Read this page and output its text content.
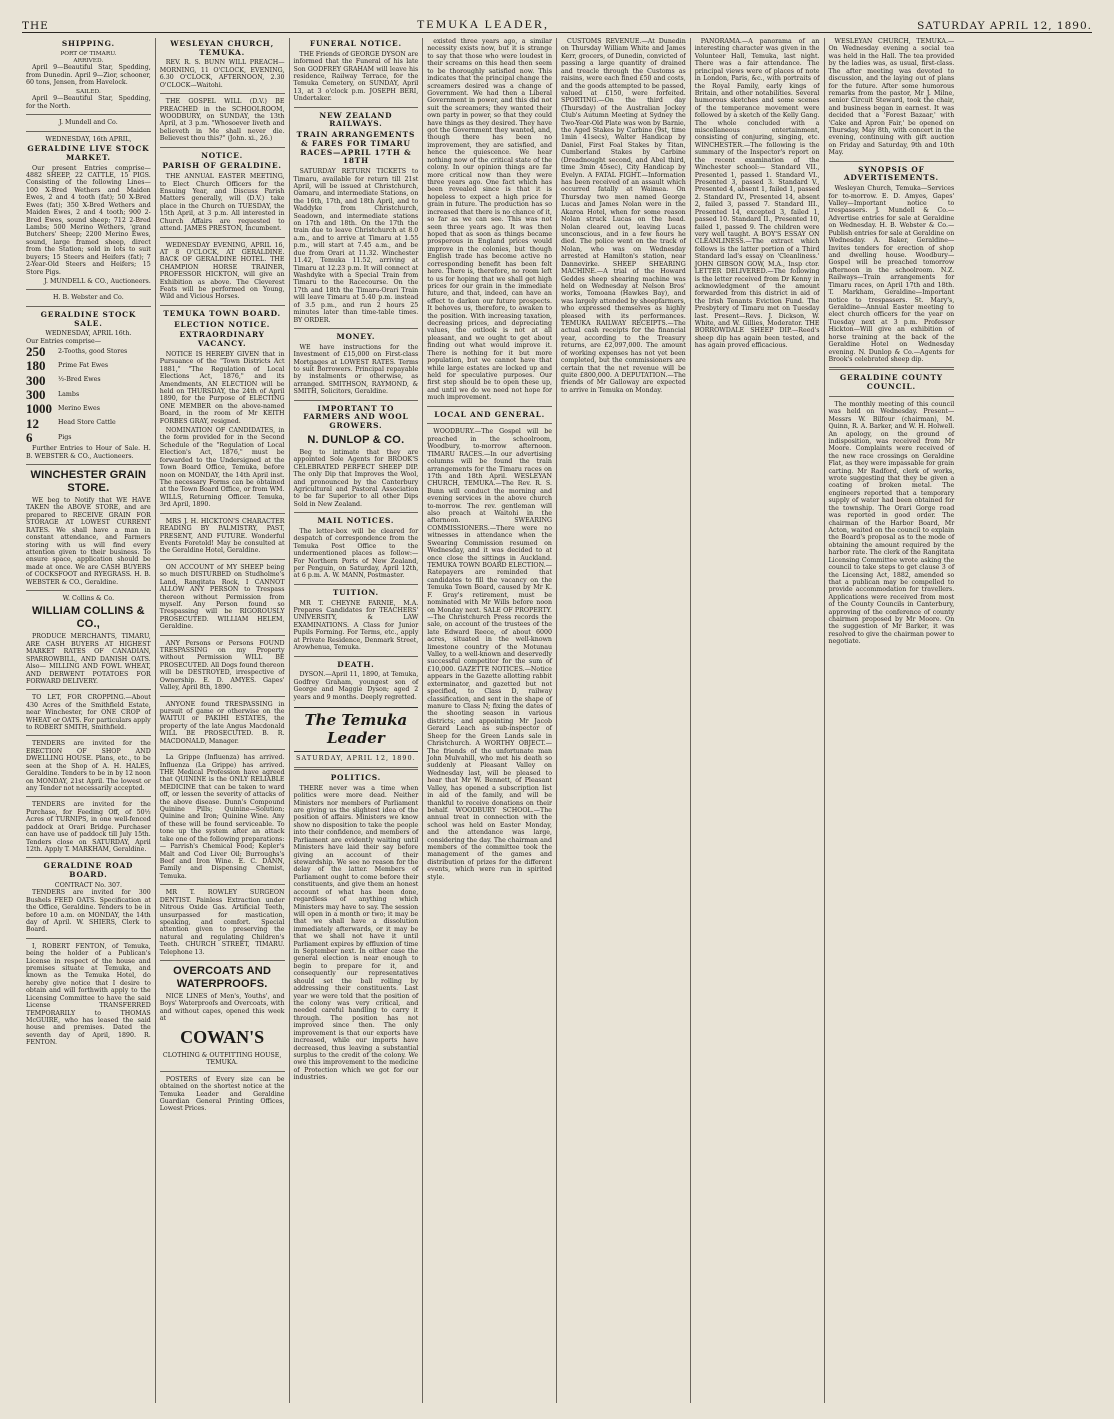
THE	TEMUKA LEADER,	SATURDAY APRIL 12, 1890.
SHIPPING.
PORT OF TIMARU.
ARRIVED.

April 9—Beautiful Star, Spedding, from Dunedin. April 9—Zior, schooner, 60 tons, Jensen, from Havelock.

SAILED.

April 9—Beautiful Star, Spedding, for the North.

J. Mundell and Co.
WEDNESDAY, 16th APRIL,
GERALDINE LIVE STOCK MARKET.

Our present Entries comprise— 4882 SHEEP, 22 CATTLE, 15 PIGS. Consisting of the following Lines— 100 X-Bred Wethers and Maiden Ewes, 2 and 4 tooth (fat); 50 X-Bred Ewes (fat); 350 X-Bred Wethers and Maiden Ewes, 2 and 4 tooth; 900 2-Bred Ewes, sound sheep; 712 2-Bred Lambs; 500 Merino Wethers, 'grand Butchers' Sheep; 2200 Merino Ewes, sound, large framed sheep, direct from the Station; sold in lots to suit buyers; 15 Steers and Heifers (fat); 7 2-Year-Old Steers and Heifers; 15 Store Pigs.

J. MUNDELL & CO., Auctioneers.
H. B. Webster and Co.
GERALDINE STOCK SALE.
WEDNESDAY, APRIL 16th.
Our Entries comprise—
250	2-Tooths, good Stores
180	Prime Fat Ewes
300	½-Bred Ewes
300	Lambs
1000 Merino Ewes
12	Head Store Cattle
6	Pigs

Further Entries to Hour of Sale. H. B. WEBSTER & CO., Auctioneers.

WINCHESTER GRAIN STORE.

WE beg to Notify that WE HAVE TAKEN the ABOVE STORE, and are prepared to RECEIVE GRAIN FOR STORAGE AT LOWEST CURRENT RATES. We shall have a man in constant attendance, and Farmers storing with us will find every attention given to their business. To ensure space, application should be made at once. We are CASH BUYERS of COCKSFOOT and RYEGRASS. H. B. WEBSTER & CO., Geraldine.

W. Collins & Co.
WILLIAM COLLINS & CO.,

PRODUCE MERCHANTS, TIMARU, ARE CASH BUYERS AT HIGHEST MARKET RATES OF CANADIAN, SPARROWBILL, AND DANISH OATS. Also— MILLING AND FOWL WHEAT, AND DERWENT POTATOES FOR FORWARD DELIVERY.

TO LET, FOR CROPPING.—About 430 Acres of the Smithfield Estate, near Winchester, for ONE CROP of WHEAT or OATS. For particulars apply to ROBERT SMITH, Smithfield.

TENDERS are invited for the ERECTION OF SHOP AND DWELLING HOUSE. Plans, etc., to be seen at the Shop of A. H. HALES, Geraldine. Tenders to be in by 12 noon on MONDAY, 21st April. The lowest or any Tender not necessarily accepted.

TENDERS are invited for the Purchase, for Feeding Off, of 50½ Acres of TURNIPS, in one well-fenced paddock at Orari Bridge. Purchaser can have use of paddock till July 15th. Tenders close on SATURDAY, April 12th. Apply T. MARKHAM, Geraldine.

GERALDINE ROAD BOARD.
CONTRACT No. 307.

TENDERS are invited for 300 Bushels FEED OATS. Specification at the Office, Geraldine. Tenders to be in before 10 a.m. on MONDAY, the 14th day of April. W. SHIERS, Clerk to Board.

I, ROBERT FENTON, of Temuka, being the holder of a Publican's License in respect of the house and premises situate at Temuka, and known as the Temuka Hotel, do hereby give notice that I desire to obtain and will forthwith apply to the Licensing Committee to have the said License TRANSFERRED TEMPORARILY to THOMAS McGUIRE, who has leased the said house and premises. Dated the seventh day of April, 1890. R. FENTON.

WESLEYAN CHURCH, TEMUKA.

REV. R. S. BUNN WILL PREACH— MORNING, 11 O'CLOCK, EVENING, 6.30 O'CLOCK, AFTERNOON, 2.30 O'CLOCK—Waitohi.

THE GOSPEL WILL (D.V.) BE PREACHED in the SCHOOLROOM, WOODBURY, on SUNDAY, the 13th April, at 3 p.m. "Whosoever liveth and believeth in Me shall never die. Believest thou this?" (John. xi., 26.)

NOTICE.
PARISH OF GERALDINE.

THE ANNUAL EASTER MEETING, to Elect Church Officers for the Ensuing Year, and Discuss Parish Matters generally, will (D.V.) take place in the Church on TUESDAY, the 15th April, at 3 p.m. All interested in Church Affairs are requested to attend. JAMES PRESTON, Incumbent.

WEDNESDAY EVENING, APRIL 16, AT 8 O'CLOCK, AT GERALDINE. BACK OF GERALDINE HOTEL. THE CHAMPION HORSE TRAINER, PROFESSOR HICKTON, will give an Exhibition as above. The Cleverest Feats will be performed on Young, Wild and Vicious Horses.

TEMUKA TOWN BOARD.
ELECTION NOTICE.
EXTRAORDINARY VACANCY.

NOTICE IS HEREBY GIVEN that in Pursuance of the "Town Districts Act 1881," "The Regulation of Local Elections Act, 1876," and its Amendments, AN ELECTION will be held on THURSDAY, the 24th of April 1890, for the Purpose of ELECTING ONE MEMBER on the above-named Board, in the room of Mr KEITH FORBES GRAY, resigned.

NOMINATION OF CANDIDATES, in the form provided for in the Second Schedule of the "Regulation of Local Election's Act, 1876," must be forwarded to the Undersigned at the Town Board Office, Temuka, before noon on MONDAY, the 14th April inst. The necessary Forms can be obtained at the Town Board Office, or from WM. WILLS, Returning Officer. Temuka, 3rd April, 1890.

MRS J. H. HICKTON'S CHARACTER READING BY PALMISTRY, PAST, PRESENT, AND FUTURE. Wonderful Events Foretold! May be consulted at the Geraldine Hotel, Geraldine.

ON ACCOUNT of MY SHEEP being so much DISTURBED on Studholme's Land, Rangitata Rock, I CANNOT ALLOW ANY PERSON to Trespass thereon without Permission from myself. Any Person found so Trespassing will be RIGOROUSLY PROSECUTED. WILLIAM HELEM, Geraldine.

ANY Persons or Persons FOUND TRESPASSING on my Property without Permission WILL BE PROSECUTED. All Dogs found thereon will be DESTROYED, irrespective of Ownership. E. D. AMYES. Gapes' Valley, April 8th, 1890.

ANYONE found TRESPASSING in pursuit of game or otherwise on the WAITUI or PAKIHI ESTATES, the property of the late Angus Macdonald WILL BE PROSECUTED. B. R. MACDONALD, Manager.

La Grippe (Influenza) has arrived. Influenza (La Grippe) has arrived. THE Medical Profession have agreed that QUININE is the ONLY RELIABLE MEDICINE that can be taken to ward off, or lessen the severity of attacks of the above disease. Dunn's Compound Quinine Pills; Quinine—Solution; Quinine and Iron; Quinine Wine. Any of these will be found serviceable. To tone up the system after an attack take one of the following preparations:— Parrish's Chemical Food; Kepler's Malt and Cod Liver Oil; Burroughs's Beef and Iron Wine. E. C. DANN, Family and Dispensing Chemist, Temuka.

MR T. ROWLEY SURGEON DENTIST. Painless Extraction under Nitrous Oxide Gas. Artificial Teeth, unsurpassed for mastication, speaking, and comfort. Special attention given to preserving the natural and regulating Children's Teeth. CHURCH STREET, TIMARU. Telephone 13.

OVERCOATS AND WATERPROOFS.

NICE LINES of Men's, Youths', and Boys' Waterproofs and Overcoats, with and without capes, opened this week at

COWAN'S
CLOTHING & OUTFITTING HOUSE, TEMUKA.

POSTERS of Every size can be obtained on the shortest notice at the Temuka Leader and Geraldine Guardian General Printing Offices, Lowest Prices.

FUNERAL NOTICE.

THE Friends of GEORGE DYSON are informed that the Funeral of his late Son GODFREY GRAHAM will leave his residence, Railway Terrace, for the Temuka Cemetery, on SUNDAY, April 13, at 3 o'clock p.m. JOSEPH BERI, Undertaker.

NEW ZEALAND RAILWAYS.
TRAIN ARRANGEMENTS & FARES FOR TIMARU RACES—APRIL 17TH & 18TH

SATURDAY RETURN TICKETS to Timaru, available for return till 21st April, will be issued at Christchurch, Oamaru, and intermediate Stations, on the 16th, 17th, and 18th April, and to Waddyke from Christchurch, Seadown, and intermediate stations on 17th and 18th. On the 17th the train due to leave Christchurch at 8.0 a.m., and to arrive at Timaru at 1.55 p.m., will start at 7.45 a.m., and be due from Orari at 11.32. Winchester 11.42, Temuka 11.52, arriving at Timaru at 12.23 p.m. It will connect at Washdyke with a Special Train from Timaru to the Racecourse. On the 17th and 18th the Timaru-Orari Train will leave Timaru at 5.40 p.m. instead of 3.5 p.m., and run 2 hours 25 minutes later than time-table times. BY ORDER.

MONEY.

WE have instructions for the Investment of £15,000 on First-class Mortgages at LOWEST RATES. Terms to suit Borrowers. Principal repayable by instalments or otherwise, as arranged. SMITHSON, RAYMOND, & SMITH, Solicitors, Geraldine.

IMPORTANT TO FARMERS AND WOOL GROWERS.
N. DUNLOP & CO.

Beg to intimate that they are appointed Sole Agents for BROOK'S CELEBRATED PERFECT SHEEP DIP. The only Dip that Improves the Wool, and pronounced by the Canterbury Agricultural and Pastoral Association to be far Superior to all other Dips Sold in New Zealand.

MAIL NOTICES.

The letter-box will be cleared for despatch of correspondence from the Temuka Post Office to the undermentioned places as follow:— For Northern Ports of New Zealand, per Penguin, on Saturday, April 12th, at 6 p.m. A. W. MANN, Postmaster.

TUITION.

MR T. CHEYNE FARNIE, M.A. Prepares Candidates for TEACHERS' UNIVERSITY, & LAW EXAMINATIONS. A Class for Junior Pupils Forming. For Terms, etc., apply at Private Residence, Denmark Street, Arowhenua, Temuka.

DEATH.

DYSON.—April 11, 1890, at Temuka, Godfrey Graham, youngest son of George and Maggie Dyson; aged 2 years and 9 months. Deeply regretted.

The Temuka Leader
SATURDAY, APRIL 12, 1890.
POLITICS.

THERE never was a time when politics were more dead. Neither Ministers nor members of Parliament are giving us the slightest idea of the position of affairs. Ministers we know show no disposition to take the people into their confidence, and members of Parliament are evidently waiting until Ministers have laid their say before giving an account of their stewardship. We see no reason for the delay of the latter. Members of Parliament ought to come before their constituents, and give them an honest account of what has been done, regardless of anything which Ministers may have to say. The session will open in a month or two; it may be that we shall have a dissolution immediately afterwards, or it may be that we shall not have it until Parliament expires by effluxion of time in September next. In either case the general election is near enough to begin to prepare for it, and consequently our representatives should set the ball rolling by addressing their constituents. Last year we were told that the position of the colony was very critical, and needed careful handling to carry it through. The position has not improved since then. The only improvement is that our exports have increased, while our imports have decreased, thus leaving a substantial surplus to the credit of the colony. We owe this improvement to the medicine of Protection which we got for our industries.

existed three years ago, a similar necessity exists now, but it is strange to say that those who were loudest in their screams on this head then seem to be thoroughly satisfied now. This indicates that the principal change the screamers desired was a change of Government. We had then a Liberal Government in power, and this did not suit the screamers; they wanted their own party in power, so that they could have things as they desired. They have got the Government they wanted, and, though there has been no improvement, they are satisfied, and hence the quiescence. We hear nothing now of the critical state of the colony. In our opinion things are far more critical now than they were three years ago. One fact which has been revealed since is that it is hopeless to expect a high price for grain in future. The production has so increased that there is no chance of it, so far as we can see. This was not seen three years ago. It was then hoped that as soon as things became prosperous in England prices would improve in the colonies, but though English trade has become active no corresponding benefit has been felt here. There is, therefore, no room left to us for hoping that we shall get high prices for our grain in the immediate future, and that, indeed, can have an effect to darken our future prospects. It behoves us, therefore, to awaken to the position. With increasing taxation, decreasing prices, and depreciating values, the outlook is not at all pleasant, and we ought to get about finding out what would improve it. There is nothing for it but more population, but we cannot have that while large estates are locked up and held for speculative purposes. Our first step should be to open these up, and until we do we need not hope for much improvement.

LOCAL AND GENERAL.

WOODBURY.—The Gospel will be preached in the schoolroom, Woodbury, to-morrow afternoon. TIMARU RACES.—In our advertising columns will be found the train arrangements for the Timaru races on 17th and 18th April. WESLEYAN CHURCH, TEMUKA.—The Rev. R. S. Bunn will conduct the morning and evening services in the above church to-morrow. The rev. gentleman will also preach at Waitohi in the afternoon. SWEARING COMMISSIONERS.—There were no witnesses in attendance when the Swearing Commission resumed on Wednesday, and it was decided to at once close the sittings in Auckland. TEMUKA TOWN BOARD ELECTION.—Ratepayers are reminded that candidates to fill the vacancy on the Temuka Town Board, caused by Mr K. F. Gray's retirement, must be nominated with Mr Wills before noon on Monday next. SALE OF PROPERTY.—The Christchurch Press records the sale, on account of the trustees of the late Edward Reece, of about 6000 acres, situated in the well-known limestone country of the Motunau Valley, to a well-known and deservedly successful competitor for the sum of £10,000. GAZETTE NOTICES.—Notice appears in the Gazette allotting rabbit exterminator, and gazetted but not specified, to Class D, railway classification, and sent in the shape of manure to Class N; fixing the dates of the shooting season in various districts; and appointing Mr Jacob Gerard Leach as sub-inspector of Sheep for the Green Lands sale in Christchurch. A WORTHY OBJECT.—The friends of the unfortunate man John Mulvahill, who met his death so suddenly at Pleasant Valley on Wednesday last, will be pleased to hear that Mr W. Bennett, of Pleasant Valley, has opened a subscription list in aid of the family, and will be thankful to receive donations on their behalf. WOODBURY SCHOOL.—The annual treat in connection with the school was held on Easter Monday, and the attendance was large, considering the day. The chairman and members of the committee took the management of the games and distribution of prizes for the different events, which were run in spirited style.

CUSTOMS REVENUE.—At Dunedin on Thursday William White and James Kerr, grocers, of Dunedin, convicted of passing a large quantity of drained and treacle through the Customs as raisins, were each fined £50 and costs, and the goods attempted to be passed, valued at £150, were forfeited. SPORTING.—On the third day (Thursday) of the Australian Jockey Club's Autumn Meeting at Sydney the Two-Year-Old Plate was won by Barnie, the Aged Stakes by Carbine (9st, time 1min 41secs), Walter Handicap by Daniel, First Foal Stakes by Titan, Cumberland Stakes by Carbine (Dreadnought second, and Abel third, time 3min 45sec), City Handicap by Evelyn. A FATAL FIGHT.—Information has been received of an assault which occurred fatally at Waimea. On Thursday two men named George Lucas and James Nolan were in the Akaroa Hotel, when for some reason Nolan struck Lucas on the head. Nolan cleared out, leaving Lucas unconscious, and in a few hours he died. The police went on the track of Nolan, who was on Wednesday arrested at Hamilton's station, near Dannevirke. SHEEP SHEARING MACHINE.—A trial of the Howard Geddes sheep shearing machine was held on Wednesday at Nelson Bros' works, Tomoana (Hawkes Bay), and was largely attended by sheepfarmers, who expressed themselves as highly pleased with its performances. TEMUKA RAILWAY RECEIPTS.—The actual cash receipts for the financial year, according to the Treasury returns, are £2,097,000. The amount of working expenses has not yet been completed, but the commissioners are certain that the net revenue will be quite £800,000. A DEPUTATION.—The friends of Mr Galloway are expected to arrive in Temuka on Monday.

PANORAMA.—A panorama of an interesting character was given in the Volunteer Hall, Temuka, last night. There was a fair attendance. The principal views were of places of note in London, Paris, &c., with portraits of the Royal Family, early kings of Britain, and other notabilities. Several humorous sketches and some scenes of the temperance movement were followed by a sketch of the Kelly Gang. The whole concluded with a miscellaneous entertainment, consisting of conjuring, singing, etc. WINCHESTER.—The following is the summary of the Inspector's report on the recent examination of the Winchester school:— Standard VII., Presented 1, passed 1. Standard VI., Presented 3, passed 3. Standard V., Presented 4, absent 1, failed 1, passed 2. Standard IV., Presented 14, absent 2, failed 3, passed 7. Standard III., Presented 14, excepted 3, failed 1, passed 10. Standard II., Presented 10, failed 1, passed 9. The children were very well taught. A BOY'S ESSAY ON CLEANLINESS.—The extract which follows is the latter portion of a Third Standard lad's essay on 'Cleanliness.' JOHN GIBSON GOW, M.A., Insp ctor. LETTER DELIVERED.—The following is the letter received from Dr Kenny in acknowledgment of the amount forwarded from this district in aid of the Irish Tenants Eviction Fund. The Presbytery of Timaru met on Tuesday last. Present—Revs. J. Dickson, W. White, and W. Gillies, Moderator. THE BORROWDALE SHEEP DIP.—Reed's sheep dip has again been tested, and has again proved efficacious.

WESLEYAN CHURCH, TEMUKA.—On Wednesday evening a social tea was held in the Hall. The tea provided by the ladies was, as usual, first-class. The after meeting was devoted to discussion, and the laying out of plans for the future. After some humorous remarks from the pastor, Mr J. Milne, senior Circuit Steward, took the chair, and business began in earnest. It was decided that a 'Forest Bazaar,' with 'Cake and Apron Fair,' be opened on Thursday, May 8th, with concert in the evening, continuing with gift auction on Friday and Saturday, 9th and 10th May.

SYNOPSIS OF ADVERTISEMENTS.

Wesleyan Church, Temuka—Services for to-morrow. E. D. Amyes, Gapes' Valley—Important notice to trespassers. J. Mundell & Co.—Advertise entries for sale at Geraldine on Wednesday. H. B. Webster & Co.—Publish entries for sale at Geraldine on Wednesday. A. Baker, Geraldine—Invites tenders for erection of shop and dwelling house. Woodbury—Gospel will be preached tomorrow afternoon in the schoolroom. N.Z. Railways—Train arrangements for Timaru races, on April 17th and 18th. T. Markham, Geraldine—Important notice to trespassers. St. Mary's, Geraldine—Annual Easter meeting to elect church officers for the year on Tuesday next at 3 p.m. Professor Hickton—Will give an exhibition of horse training at the back of the Geraldine Hotel on Wednesday evening. N. Dunlop & Co.—Agents for Brook's celebrated sheep dip.

GERALDINE COUNTY COUNCIL.

The monthly meeting of this council was held on Wednesday. Present—Messrs W. Bilfour (chairman), M. Quinn, R. A. Barker, and W. H. Holwell. An apology, on the ground of indisposition, was received from Mr Moore. Complaints were received of the new race crossings on Geraldine Flat, as they were impassable for grain carting. Mr Radford, clerk of works, wrote suggesting that they be given a coating of broken metal. The engineers reported that a temporary supply of water had been obtained for the township. The Orari Gorge road was reported in good order. The chairman of the Harbor Board, Mr Acton, waited on the council to explain the Board's proposal as to the mode of obtaining the amount required by the harbor rate. The clerk of the Rangitata Licensing Committee wrote asking the council to take steps to get clause 3 of the Licensing Act, 1882, amended so that a publican may be compelled to provide accommodation for travellers. Applications were received from most of the County Councils in Canterbury, approving of the conference of county chairmen proposed by Mr Moore. On the suggestion of Mr Barker, it was resolved to give the chairman power to negotiate.
